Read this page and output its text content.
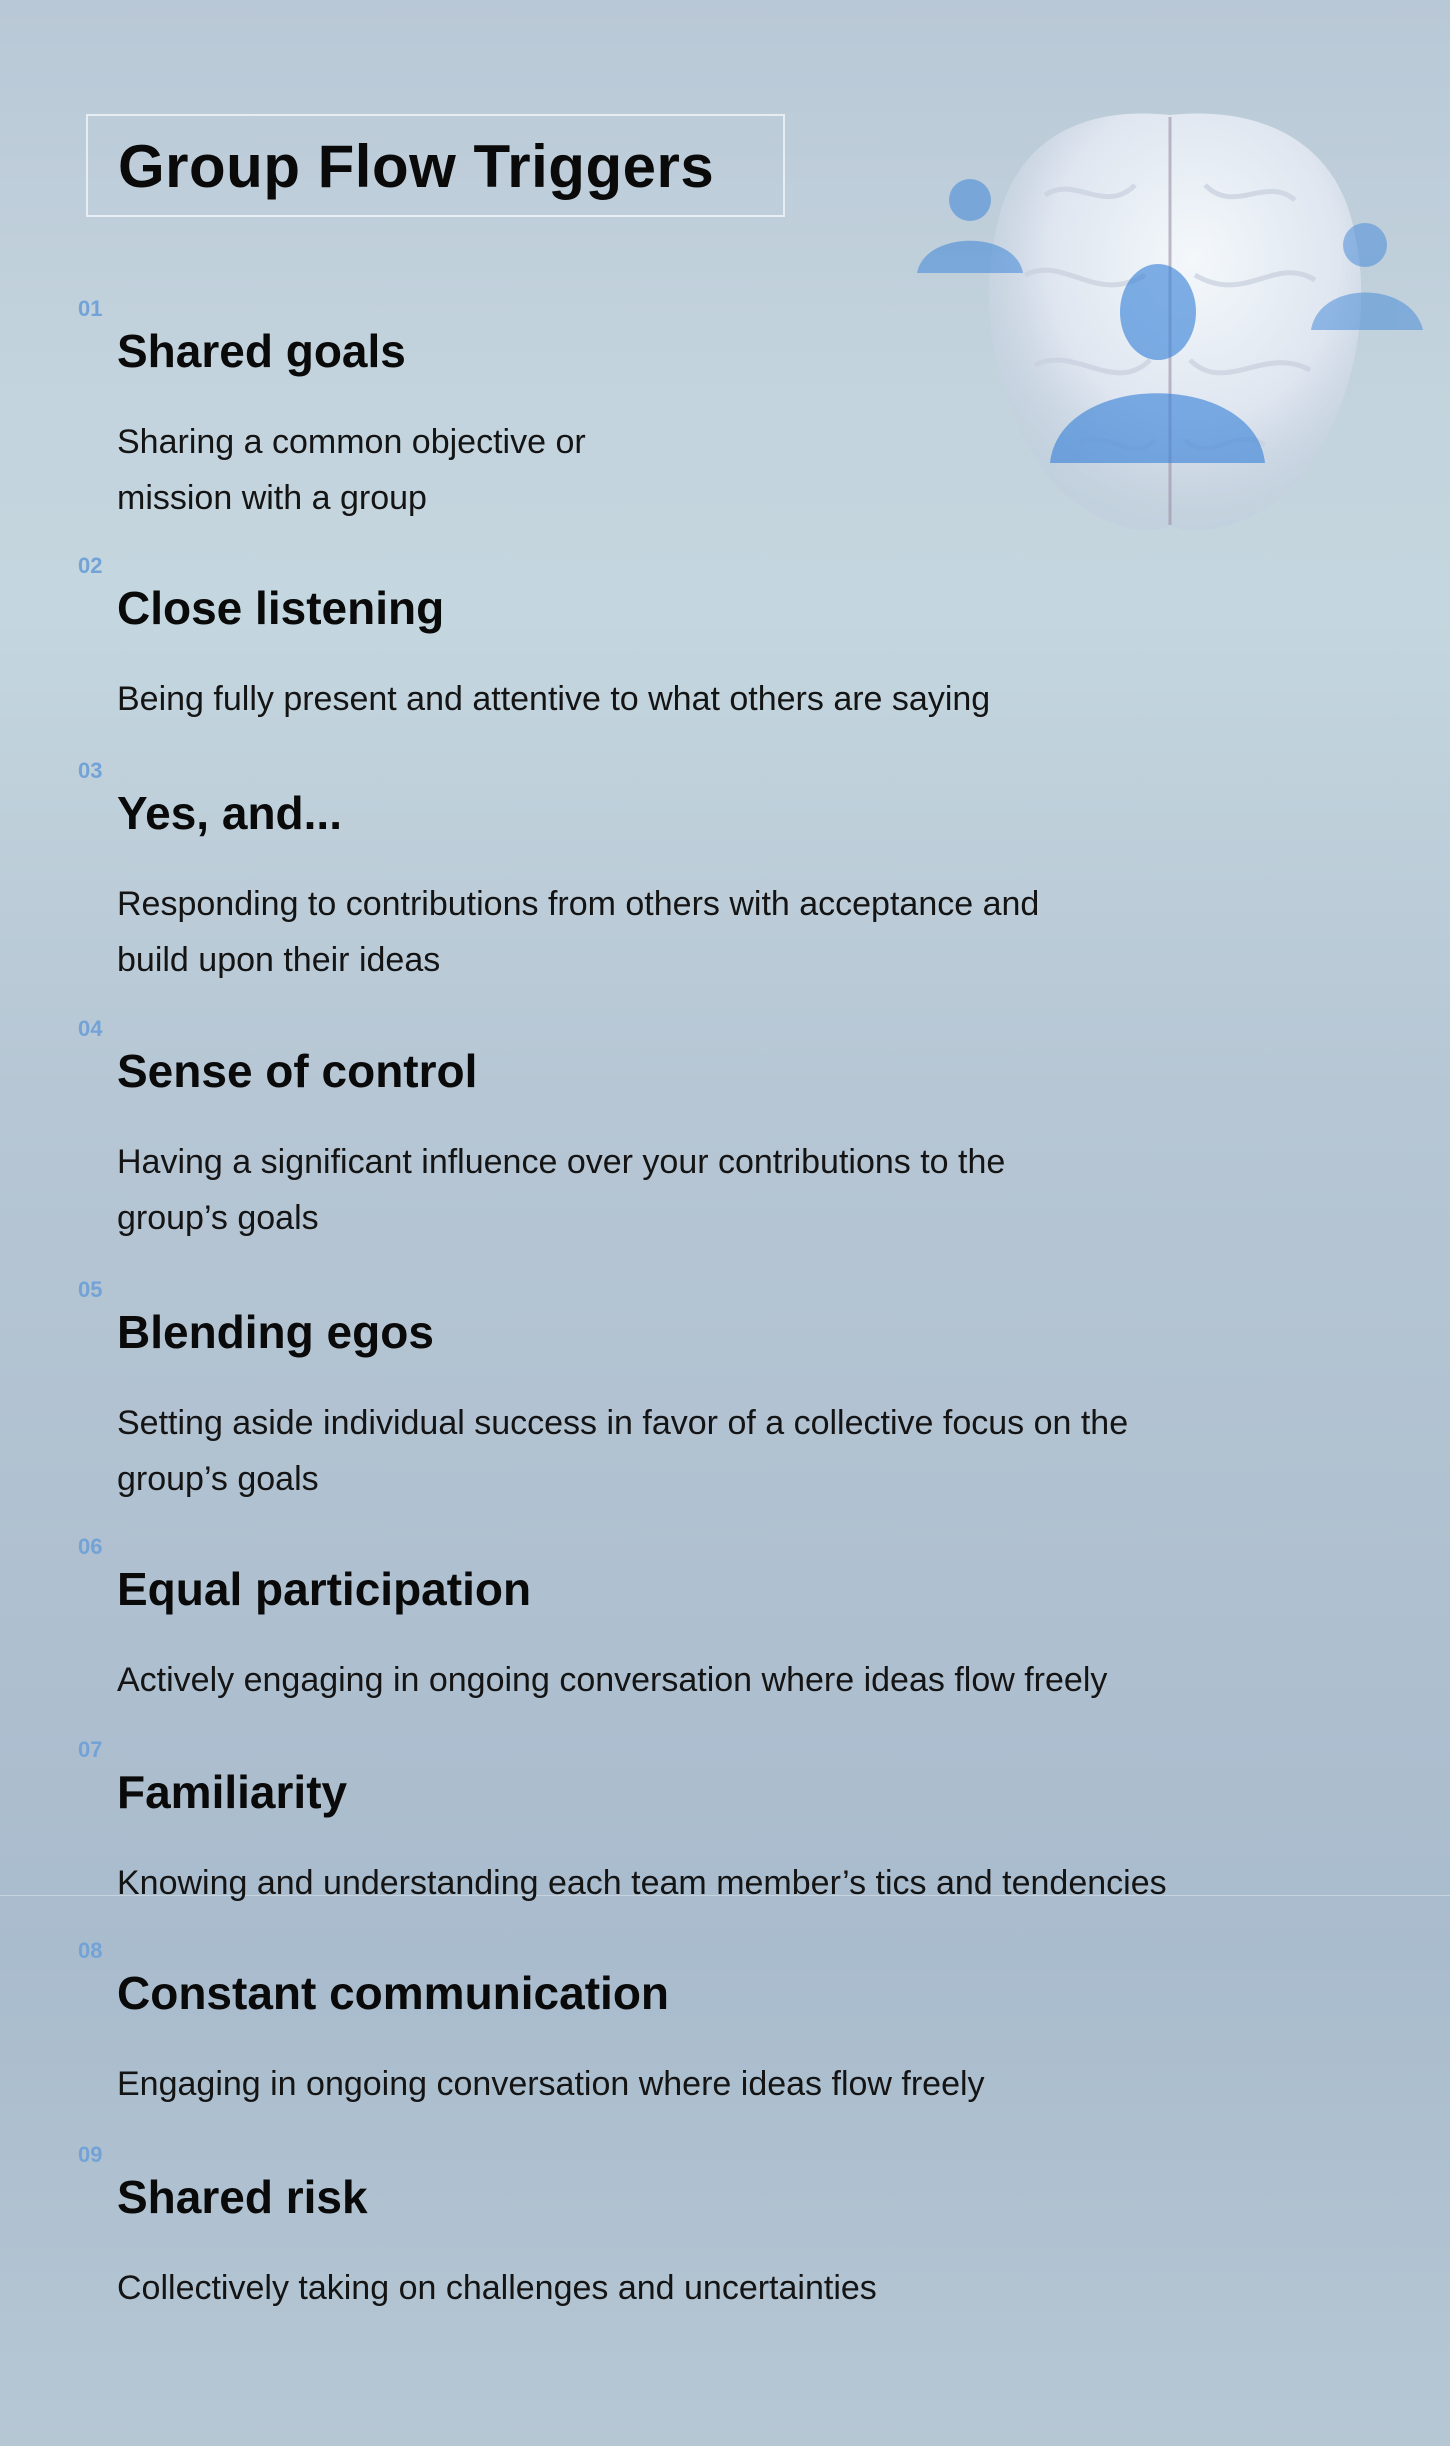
Group Flow Triggers
01
Shared goals
Sharing a common objective or
mission with a group
02
Close listening
Being fully present and attentive to what others are saying
03
Yes, and...
Responding to contributions from others with acceptance and
build upon their ideas
04
Sense of control
Having a significant influence over your contributions to the
group’s goals
05
Blending egos
Setting aside individual success in favor of a collective focus on the
group’s goals
06
Equal participation
Actively engaging in ongoing conversation where ideas flow freely
07
Familiarity
Knowing and understanding each team member’s tics and tendencies
08
Constant communication
Engaging in ongoing conversation where ideas flow freely
09
Shared risk
Collectively taking on challenges and uncertainties
